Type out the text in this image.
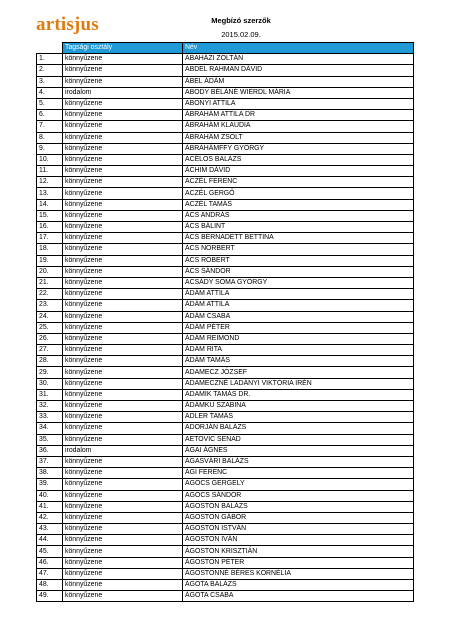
artisjus	Megbízó szerzők
2015.02.09.
	Tagsági osztály	Név
1.	könnyűzene	ABAHÁZI ZOLTÁN
2.	könnyűzene	ABDEL RAHMAN DÁVID
3.	könnyűzene	ÁBEL ÁDÁM
4.	irodalom	ABODY BÉLÁNÉ WIERDL MÁRIA
5.	könnyűzene	ABONYI ATTILA
6.	könnyűzene	ÁBRAHÁM ATTILA DR
7.	könnyűzene	ÁBRAHÁM KLAUDIA
8.	könnyűzene	ÁBRAHÁM ZSOLT
9.	könnyűzene	ÁBRAHÁMFFY GYÖRGY
10.	könnyűzene	ACÉLOS BALÁZS
11.	könnyűzene	ÁCHIM DÁVID
12.	könnyűzene	ACZÉL FERENC
13.	könnyűzene	ACZÉL GERGŐ
14.	könnyűzene	ACZÉL TAMÁS
15.	könnyűzene	ÁCS ANDRÁS
16.	könnyűzene	ÁCS BÁLINT
17.	könnyűzene	ÁCS BERNADETT BETTINA
18.	könnyűzene	ÁCS NORBERT
19.	könnyűzene	ÁCS RÓBERT
20.	könnyűzene	ÁCS SÁNDOR
21.	könnyűzene	ACSÁDY SOMA GYÖRGY
22.	könnyűzene	ÁDÁM ATTILA
23.	könnyűzene	ÁDÁM ATTILA
24.	könnyűzene	ÁDÁM CSABA
25.	könnyűzene	ÁDÁM PÉTER
26.	könnyűzene	ÁDÁM REIMOND
27.	könnyűzene	ÁDÁM RITA
28.	könnyűzene	ÁDÁM TAMÁS
29.	könnyűzene	ADAMECZ JÓZSEF
30.	könnyűzene	ADAMECZNÉ LADÁNYI VIKTÓRIA IRÉN
31.	könnyűzene	ADAMIK TAMÁS DR.
32.	könnyűzene	ÁDÁMKU SZABINA
33.	könnyűzene	ADLER TAMÁS
34.	könnyűzene	ADORJÁN BALÁZS
35.	könnyűzene	AETOVIC SENAD
36.	irodalom	ÁGAI ÁGNES
37.	könnyűzene	ÁGASVÁRI BALÁZS
38.	könnyűzene	ÁGI FERENC
39.	könnyűzene	AGÓCS GERGELY
40.	könnyűzene	AGÓCS SÁNDOR
41.	könnyűzene	ÁGOSTON BALÁZS
42.	könnyűzene	ÁGOSTON GÁBOR
43.	könnyűzene	ÁGOSTON ISTVÁN
44.	könnyűzene	ÁGOSTON IVÁN
45.	könnyűzene	ÁGOSTON KRISZTIÁN
46.	könnyűzene	ÁGOSTON PÉTER
47.	könnyűzene	ÁGOSTONNÉ BÉRES KORNÉLIA
48.	könnyűzene	ÁGOTA BALÁZS
49.	könnyűzene	ÁGOTA CSABA
